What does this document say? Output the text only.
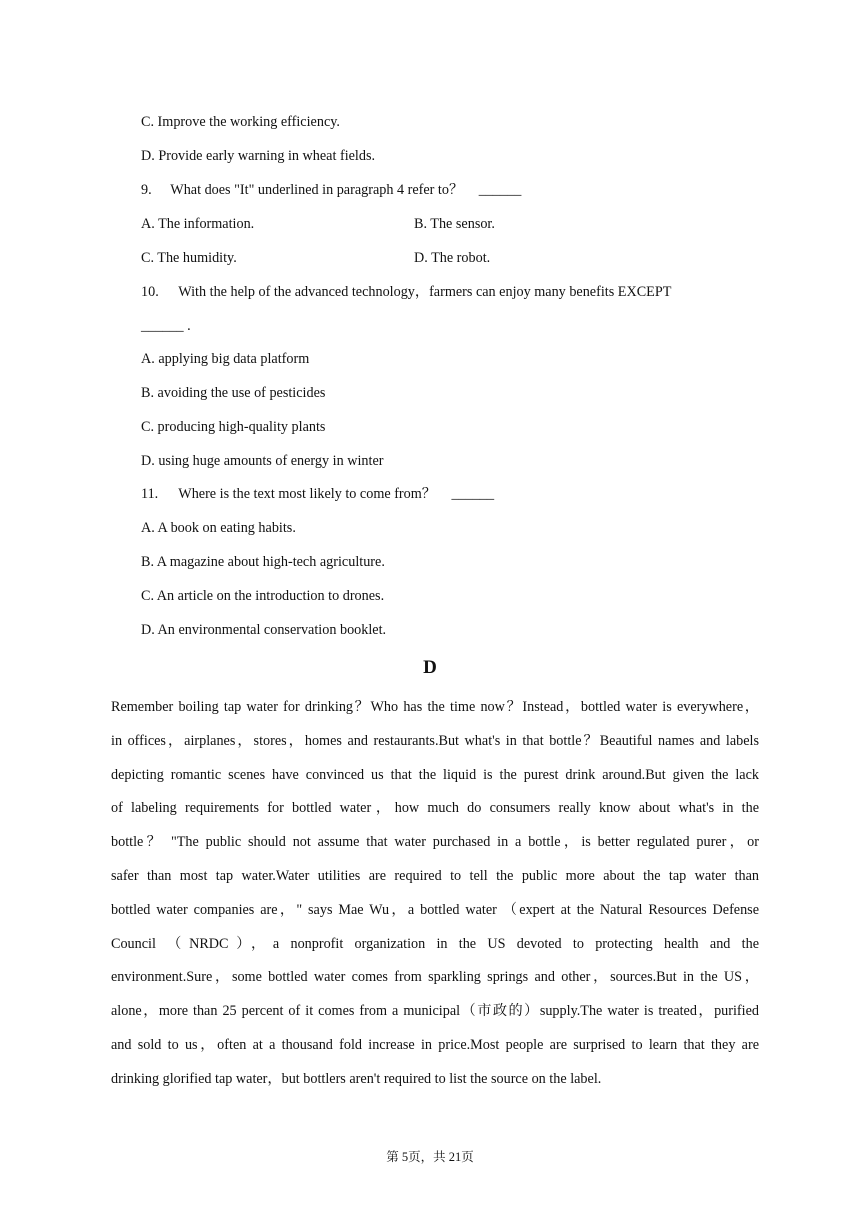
C. Improve the working efficiency.
D. Provide early warning in wheat fields.
9. What does "It" underlined in paragraph 4 refer to？ ______
A. The information.	B. The sensor.
C. The humidity.	D. The robot.
10. With the help of the advanced technology，farmers can enjoy many benefits EXCEPT
______ .
A. applying big data platform
B. avoiding the use of pesticides
C. producing high-quality plants
D. using huge amounts of energy in winter
11. Where is the text most likely to come from？ ______
A. A book on eating habits.
B. A magazine about high-tech agriculture.
C. An article on the introduction to drones.
D. An environmental conservation booklet.
D
Remember boiling tap water for drinking？Who has the time now？Instead，bottled water is everywhere，
in offices，airplanes，stores，homes and restaurants.But what's in that bottle？Beautiful names and labels
depicting romantic scenes have convinced us that the liquid is the purest drink around.But given the lack
of labeling requirements for bottled water，how much do consumers really know about what's in the
bottle？ "The public should not assume that water purchased in a bottle，is better regulated purer，or
safer than most tap water.Water utilities are required to tell the public more about the tap water than
bottled water companies are，" says Mae Wu，a bottled water （expert at the Natural Resources Defense
Council （NRDC），a nonprofit organization in the US devoted to protecting health and the
environment.Sure，some bottled water comes from sparkling springs and other，sources.But in the US，
alone，more than 25 percent of it comes from a municipal（市政的）supply.The water is treated，purified
and sold to us，often at a thousand fold increase in price.Most people are surprised to learn that they are
drinking glorified tap water，but bottlers aren't required to list the source on the label.
第 5页，共 21页
